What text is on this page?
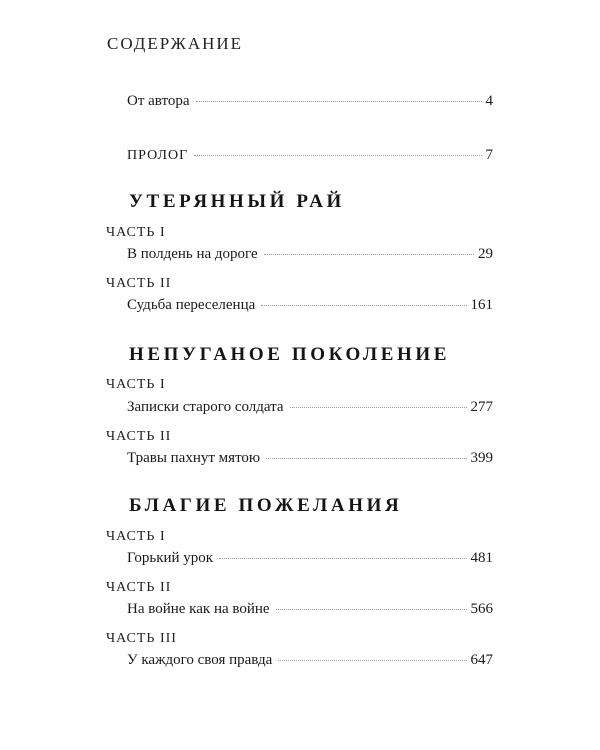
СОДЕРЖАНИЕ
От автора	4
ПРОЛОГ	7
УТЕРЯННЫЙ РАЙ
ЧАСТЬ I
В полдень на дороге	29
ЧАСТЬ II
Судьба переселенца	161
НЕПУГАНОЕ ПОКОЛЕНИЕ
ЧАСТЬ I
Записки старого солдата	277
ЧАСТЬ II
Травы пахнут мятою	399
БЛАГИЕ ПОЖЕЛАНИЯ
ЧАСТЬ I
Горький урок	481
ЧАСТЬ II
На войне как на войне	566
ЧАСТЬ III
У каждого своя правда	647
